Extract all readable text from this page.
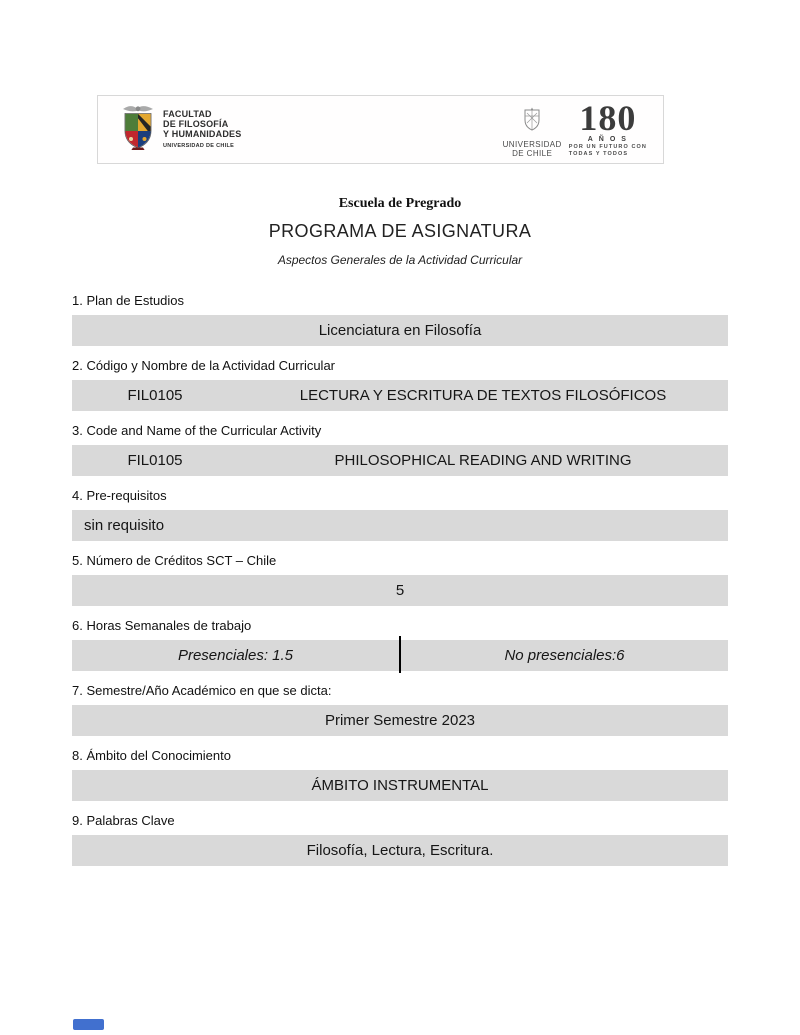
FACULTAD
DE FILOSOFÍA
Y HUMANIDADES
UNIVERSIDAD DE CHILE	UNIVERSIDAD
DE CHILE
180
AÑOS
POR UN FUTURO CON
TODAS Y TODOS
Escuela de Pregrado
PROGRAMA DE ASIGNATURA
Aspectos Generales de la Actividad Curricular
1. Plan de Estudios
Licenciatura en Filosofía
2. Código y Nombre de la Actividad Curricular
FIL0105	LECTURA Y ESCRITURA DE TEXTOS FILOSÓFICOS
3. Code and Name of the Curricular Activity
FIL0105	PHILOSOPHICAL READING AND WRITING
4. Pre-requisitos
sin requisito
5. Número de Créditos SCT – Chile
5
6. Horas Semanales de trabajo
Presenciales: 1.5	No presenciales:6
7. Semestre/Año Académico en que se dicta:
Primer Semestre 2023
8. Ámbito del Conocimiento
ÁMBITO INSTRUMENTAL
9. Palabras Clave
Filosofía, Lectura, Escritura.
